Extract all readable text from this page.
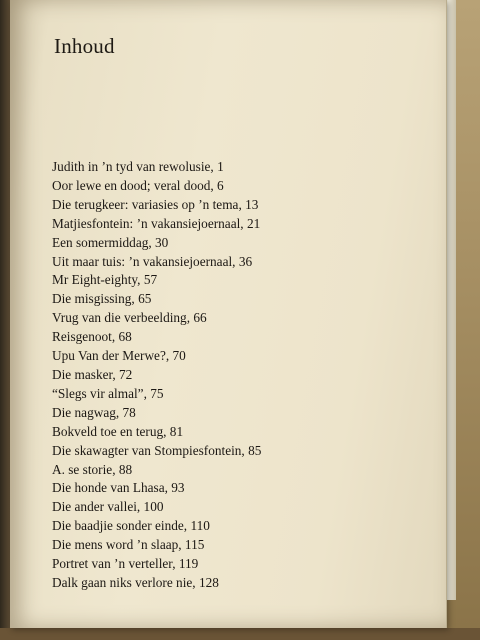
Inhoud
Judith in ’n tyd van rewolusie, 1
Oor lewe en dood; veral dood, 6
Die terugkeer: variasies op ’n tema, 13
Matjiesfontein: ’n vakansiejoernaal, 21
Een somermiddag, 30
Uit maar tuis: ’n vakansiejoernaal, 36
Mr Eight-eighty, 57
Die misgissing, 65
Vrug van die verbeelding, 66
Reisgenoot, 68
Upu Van der Merwe?, 70
Die masker, 72
“Slegs vir almal”, 75
Die nagwag, 78
Bokveld toe en terug, 81
Die skawagter van Stompiesfontein, 85
A. se storie, 88
Die honde van Lhasa, 93
Die ander vallei, 100
Die baadjie sonder einde, 110
Die mens word ’n slaap, 115
Portret van ’n verteller, 119
Dalk gaan niks verlore nie, 128
